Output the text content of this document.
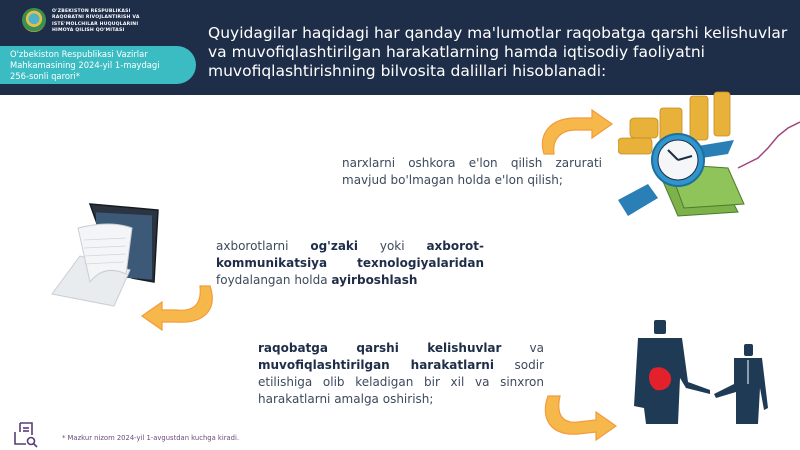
O'ZBEKISTON RESPUBLIKASI
RAQOBATNI RIVOJLANTIRISH VA
ISTE'MOLCHILAR HUQUQLARINI
HIMOYA QILISH QO'MITASI
O'zbekiston Respublikasi Vazirlar
Mahkamasining 2024-yil 1-maydagi
256-sonli qarori*
Quyidagilar haqidagi har qanday ma'lumotlar raqobatga qarshi kelishuvlar va muvofiqlashtirilgan harakatlarning hamda iqtisodiy faoliyatni muvofiqlashtirishning bilvosita dalillari hisoblanadi:
narxlarni oshkora e'lon qilish zarurati mavjud bo'lmagan holda e'lon qilish;
axborotlarni og'zaki yoki axborot-kommunikatsiya texnologiyalaridan
foydalangan holda ayirboshlash
raqobatga qarshi kelishuvlar va muvofiqlashtirilgan harakatlarni sodir etilishiga olib keladigan bir xil va sinxron harakatlarni amalga oshirish;
* Mazkur nizom 2024-yil 1-avgustdan kuchga kiradi.
